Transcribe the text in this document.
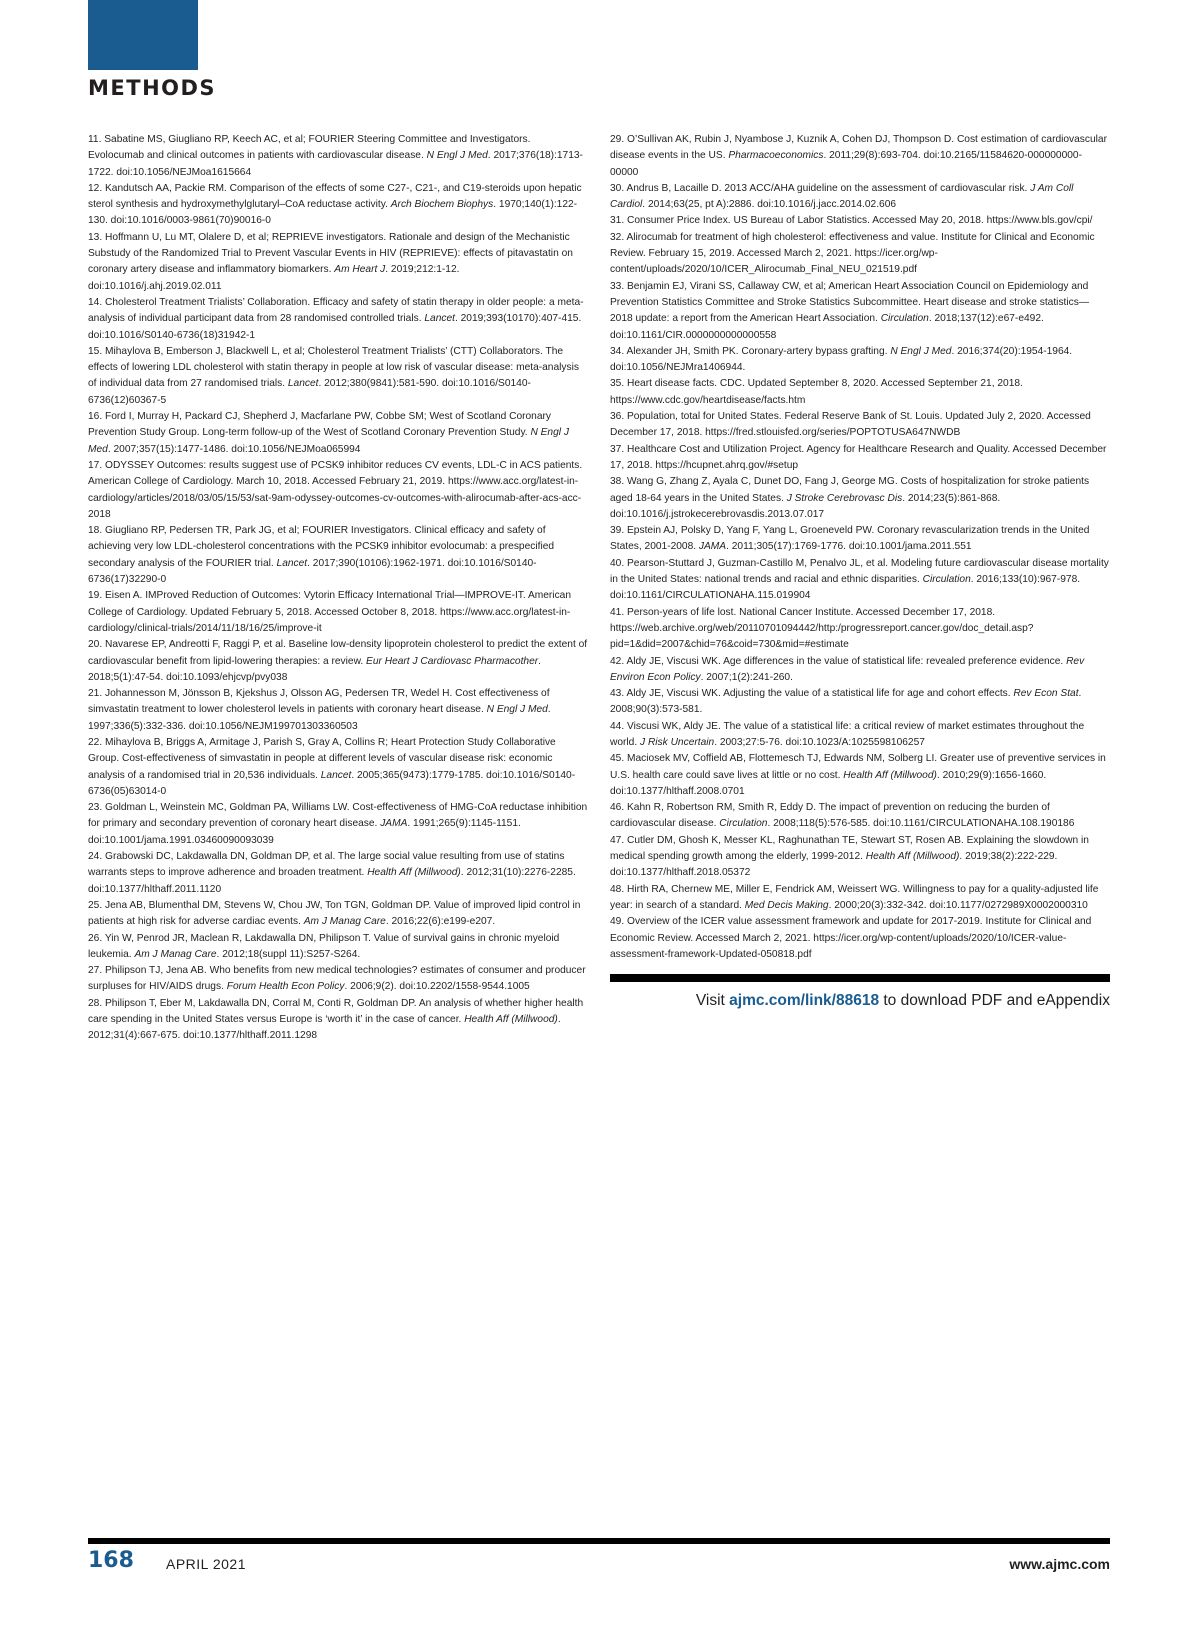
METHODS

11. Sabatine MS, Giugliano RP, Keech AC, et al; FOURIER Steering Committee and Investigators. Evolocumab and clinical outcomes in patients with cardiovascular disease. N Engl J Med. 2017;376(18):1713-1722. doi:10.1056/NEJMoa1615664

12. Kandutsch AA, Packie RM. Comparison of the effects of some C27-, C21-, and C19-steroids upon hepatic sterol synthesis and hydroxymethylglutaryl–CoA reductase activity. Arch Biochem Biophys. 1970;140(1):122-130. doi:10.1016/0003-9861(70)90016-0

13. Hoffmann U, Lu MT, Olalere D, et al; REPRIEVE investigators. Rationale and design of the Mechanistic Substudy of the Randomized Trial to Prevent Vascular Events in HIV (REPRIEVE): effects of pitavastatin on coronary artery disease and inflammatory biomarkers. Am Heart J. 2019;212:1-12. doi:10.1016/j.ahj.2019.02.011

14. Cholesterol Treatment Trialists’ Collaboration. Efficacy and safety of statin therapy in older people: a meta-analysis of individual participant data from 28 randomised controlled trials. Lancet. 2019;393(10170):407-415. doi:10.1016/S0140-6736(18)31942-1

15. Mihaylova B, Emberson J, Blackwell L, et al; Cholesterol Treatment Trialists’ (CTT) Collaborators. The effects of lowering LDL cholesterol with statin therapy in people at low risk of vascular disease: meta-analysis of individual data from 27 randomised trials. Lancet. 2012;380(9841):581-590. doi:10.1016/S0140-6736(12)60367-5

16. Ford I, Murray H, Packard CJ, Shepherd J, Macfarlane PW, Cobbe SM; West of Scotland Coronary Prevention Study Group. Long-term follow-up of the West of Scotland Coronary Prevention Study. N Engl J Med. 2007;357(15):1477-1486. doi:10.1056/NEJMoa065994

17. ODYSSEY Outcomes: results suggest use of PCSK9 inhibitor reduces CV events, LDL-C in ACS patients. American College of Cardiology. March 10, 2018. Accessed February 21, 2019. https://www.acc.org/latest-in-cardiology/articles/2018/03/05/15/53/sat-9am-odyssey-outcomes-cv-outcomes-with-alirocumab-after-acs-acc-2018

18. Giugliano RP, Pedersen TR, Park JG, et al; FOURIER Investigators. Clinical efficacy and safety of achieving very low LDL-cholesterol concentrations with the PCSK9 inhibitor evolocumab: a prespecified secondary analysis of the FOURIER trial. Lancet. 2017;390(10106):1962-1971. doi:10.1016/S0140-6736(17)32290-0

19. Eisen A. IMProved Reduction of Outcomes: Vytorin Efficacy International Trial—IMPROVE-IT. American College of Cardiology. Updated February 5, 2018. Accessed October 8, 2018. https://www.acc.org/latest-in-cardiology/clinical-trials/2014/11/18/16/25/improve-it

20. Navarese EP, Andreotti F, Raggi P, et al. Baseline low-density lipoprotein cholesterol to predict the extent of cardiovascular benefit from lipid-lowering therapies: a review. Eur Heart J Cardiovasc Pharmacother. 2018;5(1):47-54. doi:10.1093/ehjcvp/pvy038

21. Johannesson M, Jönsson B, Kjekshus J, Olsson AG, Pedersen TR, Wedel H. Cost effectiveness of simvastatin treatment to lower cholesterol levels in patients with coronary heart disease. N Engl J Med. 1997;336(5):332-336. doi:10.1056/NEJM199701303360503

22. Mihaylova B, Briggs A, Armitage J, Parish S, Gray A, Collins R; Heart Protection Study Collaborative Group. Cost-effectiveness of simvastatin in people at different levels of vascular disease risk: economic analysis of a randomised trial in 20,536 individuals. Lancet. 2005;365(9473):1779-1785. doi:10.1016/S0140-6736(05)63014-0

23. Goldman L, Weinstein MC, Goldman PA, Williams LW. Cost-effectiveness of HMG-CoA reductase inhibition for primary and secondary prevention of coronary heart disease. JAMA. 1991;265(9):1145-1151. doi:10.1001/jama.1991.03460090093039

24. Grabowski DC, Lakdawalla DN, Goldman DP, et al. The large social value resulting from use of statins warrants steps to improve adherence and broaden treatment. Health Aff (Millwood). 2012;31(10):2276-2285. doi:10.1377/hlthaff.2011.1120

25. Jena AB, Blumenthal DM, Stevens W, Chou JW, Ton TGN, Goldman DP. Value of improved lipid control in patients at high risk for adverse cardiac events. Am J Manag Care. 2016;22(6):e199-e207.

26. Yin W, Penrod JR, Maclean R, Lakdawalla DN, Philipson T. Value of survival gains in chronic myeloid leukemia. Am J Manag Care. 2012;18(suppl 11):S257-S264.

27. Philipson TJ, Jena AB. Who benefits from new medical technologies? estimates of consumer and producer surpluses for HIV/AIDS drugs. Forum Health Econ Policy. 2006;9(2). doi:10.2202/1558-9544.1005

28. Philipson T, Eber M, Lakdawalla DN, Corral M, Conti R, Goldman DP. An analysis of whether higher health care spending in the United States versus Europe is ‘worth it’ in the case of cancer. Health Aff (Millwood). 2012;31(4):667-675. doi:10.1377/hlthaff.2011.1298

29. O’Sullivan AK, Rubin J, Nyambose J, Kuznik A, Cohen DJ, Thompson D. Cost estimation of cardiovascular disease events in the US. Pharmacoeconomics. 2011;29(8):693-704. doi:10.2165/11584620-000000000-00000

30. Andrus B, Lacaille D. 2013 ACC/AHA guideline on the assessment of cardiovascular risk. J Am Coll Cardiol. 2014;63(25, pt A):2886. doi:10.1016/j.jacc.2014.02.606

31. Consumer Price Index. US Bureau of Labor Statistics. Accessed May 20, 2018. https://www.bls.gov/cpi/

32. Alirocumab for treatment of high cholesterol: effectiveness and value. Institute for Clinical and Economic Review. February 15, 2019. Accessed March 2, 2021. https://icer.org/wp-content/uploads/2020/10/ICER_Alirocumab_Final_NEU_021519.pdf

33. Benjamin EJ, Virani SS, Callaway CW, et al; American Heart Association Council on Epidemiology and Prevention Statistics Committee and Stroke Statistics Subcommittee. Heart disease and stroke statistics—2018 update: a report from the American Heart Association. Circulation. 2018;137(12):e67-e492. doi:10.1161/CIR.0000000000000558

34. Alexander JH, Smith PK. Coronary-artery bypass grafting. N Engl J Med. 2016;374(20):1954-1964. doi:10.1056/NEJMra1406944.

35. Heart disease facts. CDC. Updated September 8, 2020. Accessed September 21, 2018. https://www.cdc.gov/heartdisease/facts.htm

36. Population, total for United States. Federal Reserve Bank of St. Louis. Updated July 2, 2020. Accessed December 17, 2018. https://fred.stlouisfed.org/series/POPTOTUSA647NWDB

37. Healthcare Cost and Utilization Project. Agency for Healthcare Research and Quality. Accessed December 17, 2018. https://hcupnet.ahrq.gov/#setup

38. Wang G, Zhang Z, Ayala C, Dunet DO, Fang J, George MG. Costs of hospitalization for stroke patients aged 18-64 years in the United States. J Stroke Cerebrovasc Dis. 2014;23(5):861-868. doi:10.1016/j.jstrokecerebrovasdis.2013.07.017

39. Epstein AJ, Polsky D, Yang F, Yang L, Groeneveld PW. Coronary revascularization trends in the United States, 2001-2008. JAMA. 2011;305(17):1769-1776. doi:10.1001/jama.2011.551

40. Pearson-Stuttard J, Guzman-Castillo M, Penalvo JL, et al. Modeling future cardiovascular disease mortality in the United States: national trends and racial and ethnic disparities. Circulation. 2016;133(10):967-978. doi:10.1161/CIRCULATIONAHA.115.019904

41. Person-years of life lost. National Cancer Institute. Accessed December 17, 2018. https://web.archive.org/web/20110701094442/http:/progressreport.cancer.gov/doc_detail.asp?pid=1&did=2007&chid=76&coid=730&mid=#estimate

42. Aldy JE, Viscusi WK. Age differences in the value of statistical life: revealed preference evidence. Rev Environ Econ Policy. 2007;1(2):241-260.

43. Aldy JE, Viscusi WK. Adjusting the value of a statistical life for age and cohort effects. Rev Econ Stat. 2008;90(3):573-581.

44. Viscusi WK, Aldy JE. The value of a statistical life: a critical review of market estimates throughout the world. J Risk Uncertain. 2003;27:5-76. doi:10.1023/A:1025598106257

45. Maciosek MV, Coffield AB, Flottemesch TJ, Edwards NM, Solberg LI. Greater use of preventive services in U.S. health care could save lives at little or no cost. Health Aff (Millwood). 2010;29(9):1656-1660. doi:10.1377/hlthaff.2008.0701

46. Kahn R, Robertson RM, Smith R, Eddy D. The impact of prevention on reducing the burden of cardiovascular disease. Circulation. 2008;118(5):576-585. doi:10.1161/CIRCULATIONAHA.108.190186

47. Cutler DM, Ghosh K, Messer KL, Raghunathan TE, Stewart ST, Rosen AB. Explaining the slowdown in medical spending growth among the elderly, 1999-2012. Health Aff (Millwood). 2019;38(2):222-229. doi:10.1377/hlthaff.2018.05372

48. Hirth RA, Chernew ME, Miller E, Fendrick AM, Weissert WG. Willingness to pay for a quality-adjusted life year: in search of a standard. Med Decis Making. 2000;20(3):332-342. doi:10.1177/0272989X0002000310

49. Overview of the ICER value assessment framework and update for 2017-2019. Institute for Clinical and Economic Review. Accessed March 2, 2021. https://icer.org/wp-content/uploads/2020/10/ICER-value-assessment-framework-Updated-050818.pdf

Visit ajmc.com/link/88618 to download PDF and eAppendix
168 APRIL 2021	www.ajmc.com
